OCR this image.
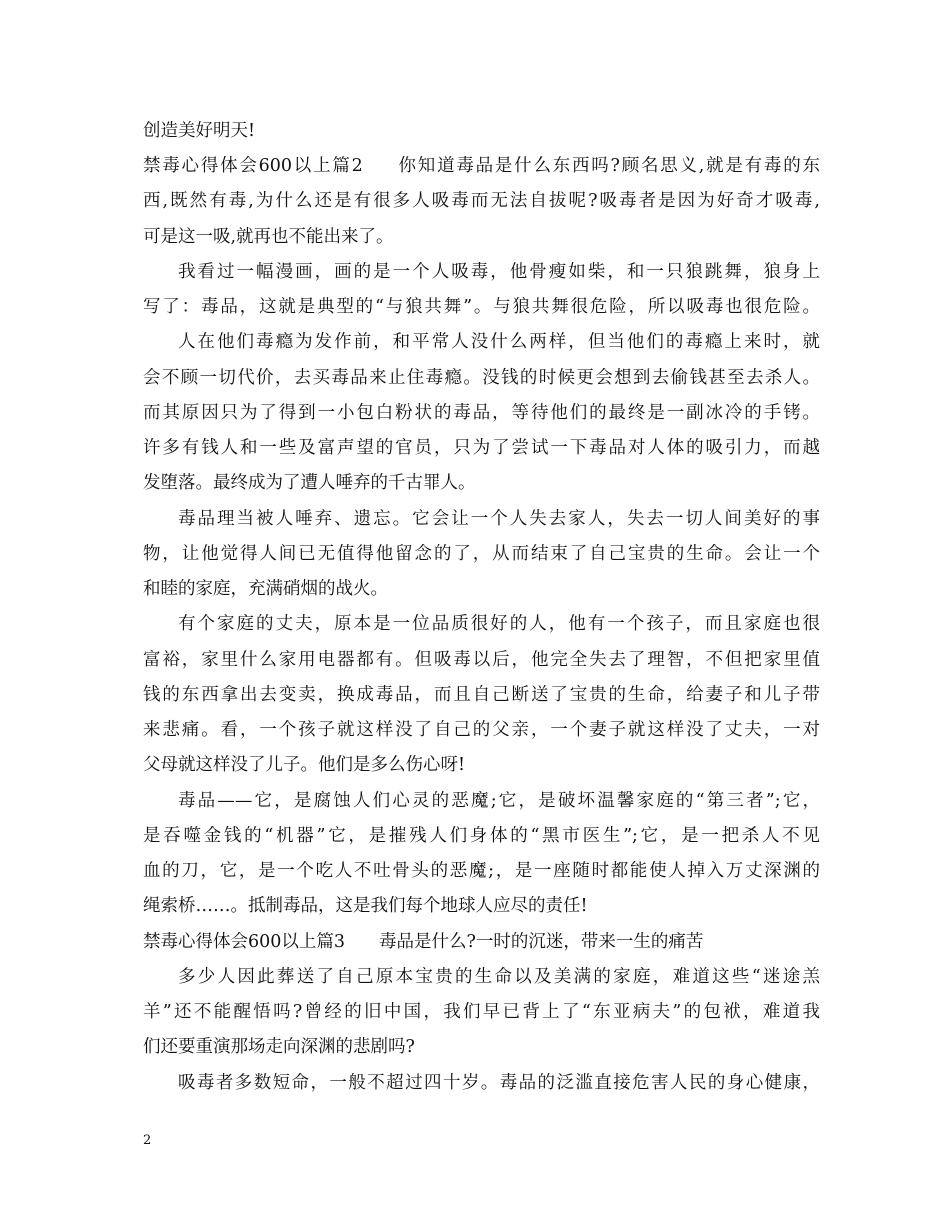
创造美好明天!

禁毒心得体会600以上篇2 你知道毒品是什么东西吗?顾名思义,就是有毒的东

西,既然有毒,为什么还是有很多人吸毒而无法自拔呢?吸毒者是因为好奇才吸毒,

可是这一吸,就再也不能出来了。

我看过一幅漫画，画的是一个人吸毒，他骨瘦如柴，和一只狼跳舞，狼身上

写了：毒品，这就是典型的“与狼共舞”。与狼共舞很危险，所以吸毒也很危险。

人在他们毒瘾为发作前，和平常人没什么两样，但当他们的毒瘾上来时，就

会不顾一切代价，去买毒品来止住毒瘾。没钱的时候更会想到去偷钱甚至去杀人。

而其原因只为了得到一小包白粉状的毒品，等待他们的最终是一副冰冷的手铐。

许多有钱人和一些及富声望的官员，只为了尝试一下毒品对人体的吸引力，而越

发堕落。最终成为了遭人唾弃的千古罪人。

毒品理当被人唾弃、遗忘。它会让一个人失去家人，失去一切人间美好的事

物，让他觉得人间已无值得他留念的了，从而结束了自己宝贵的生命。会让一个

和睦的家庭，充满硝烟的战火。

有个家庭的丈夫，原本是一位品质很好的人，他有一个孩子，而且家庭也很

富裕，家里什么家用电器都有。但吸毒以后，他完全失去了理智，不但把家里值

钱的东西拿出去变卖，换成毒品，而且自己断送了宝贵的生命，给妻子和儿子带

来悲痛。看，一个孩子就这样没了自己的父亲，一个妻子就这样没了丈夫，一对

父母就这样没了儿子。他们是多么伤心呀!

毒品——它，是腐蚀人们心灵的恶魔;它，是破坏温馨家庭的“第三者”;它，

是吞噬金钱的“机器”它，是摧残人们身体的“黑市医生”;它，是一把杀人不见

血的刀，它，是一个吃人不吐骨头的恶魔;，是一座随时都能使人掉入万丈深渊的

绳索桥……。抵制毒品，这是我们每个地球人应尽的责任!

禁毒心得体会600以上篇3 毒品是什么?一时的沉迷，带来一生的痛苦

多少人因此葬送了自己原本宝贵的生命以及美满的家庭，难道这些“迷途羔

羊”还不能醒悟吗?曾经的旧中国，我们早已背上了“东亚病夫”的包袱，难道我

们还要重演那场走向深渊的悲剧吗?

吸毒者多数短命，一般不超过四十岁。毒品的泛滥直接危害人民的身心健康，

2
